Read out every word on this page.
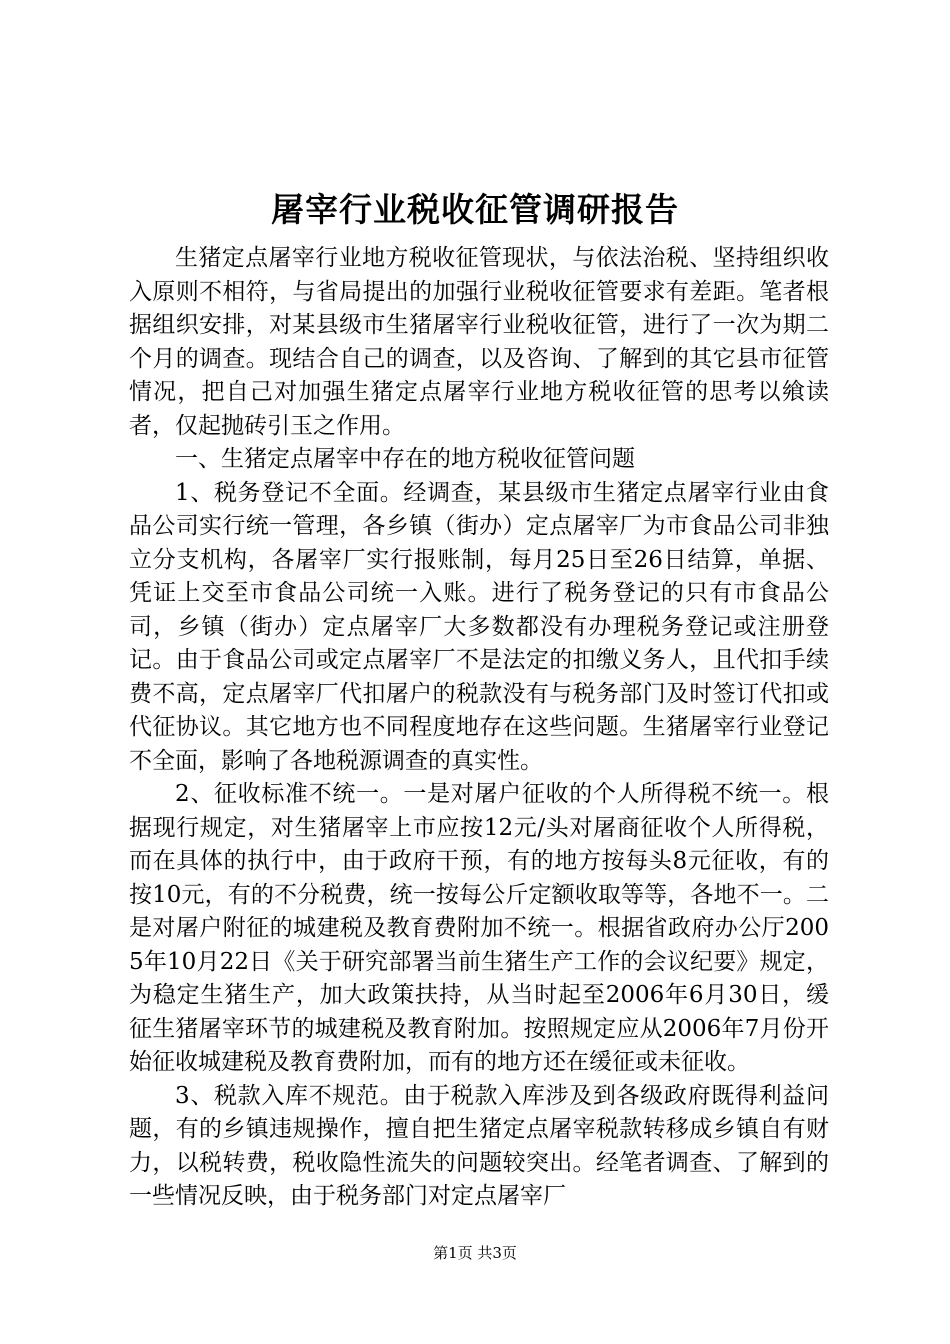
屠宰行业税收征管调研报告

生猪定点屠宰行业地方税收征管现状，与依法治税、坚持组织收入原则不相符，与省局提出的加强行业税收征管要求有差距。笔者根据组织安排，对某县级市生猪屠宰行业税收征管，进行了一次为期二个月的调查。现结合自己的调查，以及咨询、了解到的其它县市征管情况，把自己对加强生猪定点屠宰行业地方税收征管的思考以飨读者，仅起抛砖引玉之作用。

一、生猪定点屠宰中存在的地方税收征管问题

1、税务登记不全面。经调查，某县级市生猪定点屠宰行业由食品公司实行统一管理，各乡镇（街办）定点屠宰厂为市食品公司非独立分支机构，各屠宰厂实行报账制，每月25日至26日结算，单据、凭证上交至市食品公司统一入账。进行了税务登记的只有市食品公司，乡镇（街办）定点屠宰厂大多数都没有办理税务登记或注册登记。由于食品公司或定点屠宰厂不是法定的扣缴义务人，且代扣手续费不高，定点屠宰厂代扣屠户的税款没有与税务部门及时签订代扣或代征协议。其它地方也不同程度地存在这些问题。生猪屠宰行业登记不全面，影响了各地税源调查的真实性。

2、征收标准不统一。一是对屠户征收的个人所得税不统一。根据现行规定，对生猪屠宰上市应按12元/头对屠商征收个人所得税，而在具体的执行中，由于政府干预，有的地方按每头8元征收，有的按10元，有的不分税费，统一按每公斤定额收取等等，各地不一。二是对屠户附征的城建税及教育费附加不统一。根据省政府办公厅2005年10月22日《关于研究部署当前生猪生产工作的会议纪要》规定，为稳定生猪生产，加大政策扶持，从当时起至2006年6月30日，缓征生猪屠宰环节的城建税及教育附加。按照规定应从2006年7月份开始征收城建税及教育费附加，而有的地方还在缓征或未征收。

3、税款入库不规范。由于税款入库涉及到各级政府既得利益问题，有的乡镇违规操作，擅自把生猪定点屠宰税款转移成乡镇自有财力，以税转费，税收隐性流失的问题较突出。经笔者调查、了解到的一些情况反映，由于税务部门对定点屠宰厂

第1页 共3页
